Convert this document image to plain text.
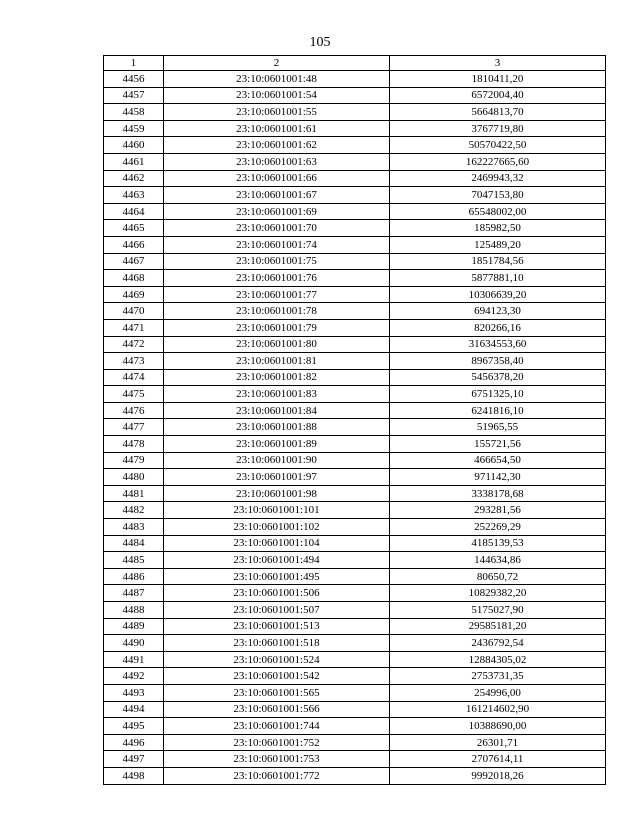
105
1	2	3
4456	23:10:0601001:48	1810411,20
4457	23:10:0601001:54	6572004,40
4458	23:10:0601001:55	5664813,70
4459	23:10:0601001:61	3767719,80
4460	23:10:0601001:62	50570422,50
4461	23:10:0601001:63	162227665,60
4462	23:10:0601001:66	2469943,32
4463	23:10:0601001:67	7047153,80
4464	23:10:0601001:69	65548002,00
4465	23:10:0601001:70	185982,50
4466	23:10:0601001:74	125489,20
4467	23:10:0601001:75	1851784,56
4468	23:10:0601001:76	5877881,10
4469	23:10:0601001:77	10306639,20
4470	23:10:0601001:78	694123,30
4471	23:10:0601001:79	820266,16
4472	23:10:0601001:80	31634553,60
4473	23:10:0601001:81	8967358,40
4474	23:10:0601001:82	5456378,20
4475	23:10:0601001:83	6751325,10
4476	23:10:0601001:84	6241816,10
4477	23:10:0601001:88	51965,55
4478	23:10:0601001:89	155721,56
4479	23:10:0601001:90	466654,50
4480	23:10:0601001:97	971142,30
4481	23:10:0601001:98	3338178,68
4482	23:10:0601001:101	293281,56
4483	23:10:0601001:102	252269,29
4484	23:10:0601001:104	4185139,53
4485	23:10:0601001:494	144634,86
4486	23:10:0601001:495	80650,72
4487	23:10:0601001:506	10829382,20
4488	23:10:0601001:507	5175027,90
4489	23:10:0601001:513	29585181,20
4490	23:10:0601001:518	2436792,54
4491	23:10:0601001:524	12884305,02
4492	23:10:0601001:542	2753731,35
4493	23:10:0601001:565	254996,00
4494	23:10:0601001:566	161214602,90
4495	23:10:0601001:744	10388690,00
4496	23:10:0601001:752	26301,71
4497	23:10:0601001:753	2707614,11
4498	23:10:0601001:772	9992018,26
